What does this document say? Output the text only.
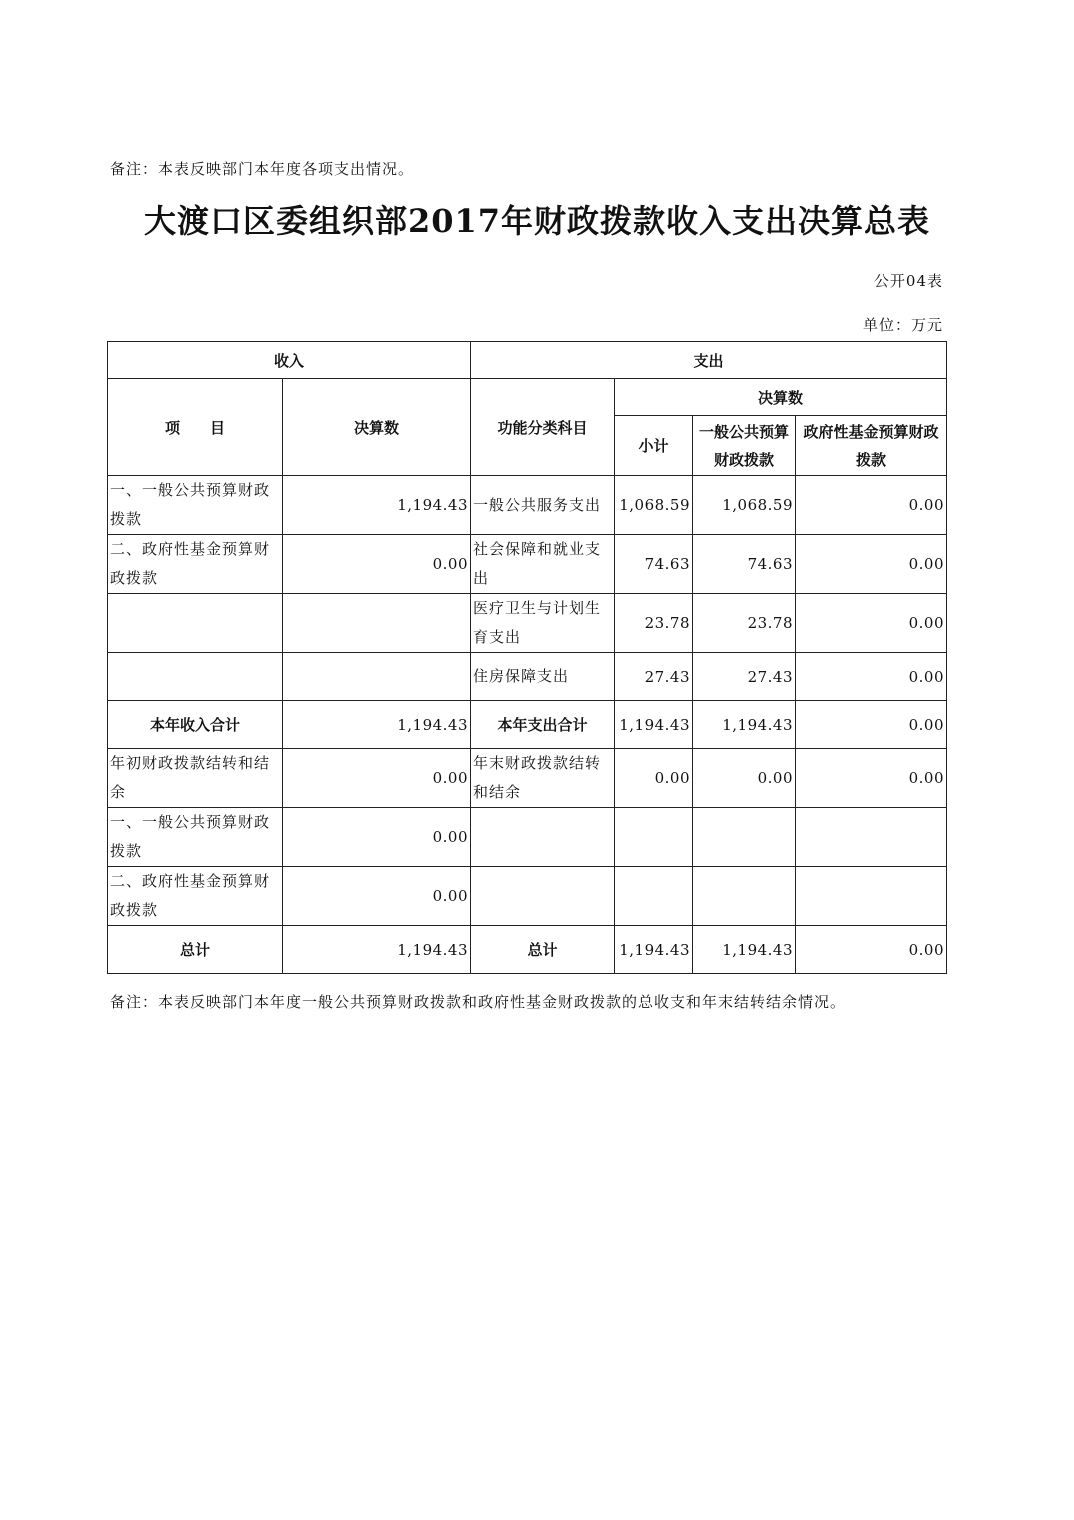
备注：本表反映部门本年度各项支出情况。
大渡口区委组织部2017年财政拨款收入支出决算总表
公开04表
单位：万元
收入		支出			
项　　目	决算数	功能分类科目	决算数		
			小计	一般公共预算财政拨款	政府性基金预算财政拨款
一、一般公共预算财政拨款	1,194.43	一般公共服务支出	1,068.59	1,068.59	0.00
二、政府性基金预算财政拨款	0.00	社会保障和就业支出	74.63	74.63	0.00
		医疗卫生与计划生育支出	23.78	23.78	0.00
		住房保障支出	27.43	27.43	0.00
本年收入合计	1,194.43	本年支出合计	1,194.43	1,194.43	0.00
年初财政拨款结转和结余	0.00	年末财政拨款结转和结余	0.00	0.00	0.00
一、一般公共预算财政拨款	0.00				
二、政府性基金预算财政拨款	0.00				
总计	1,194.43	总计	1,194.43	1,194.43	0.00
备注：本表反映部门本年度一般公共预算财政拨款和政府性基金财政拨款的总收支和年末结转结余情况。
